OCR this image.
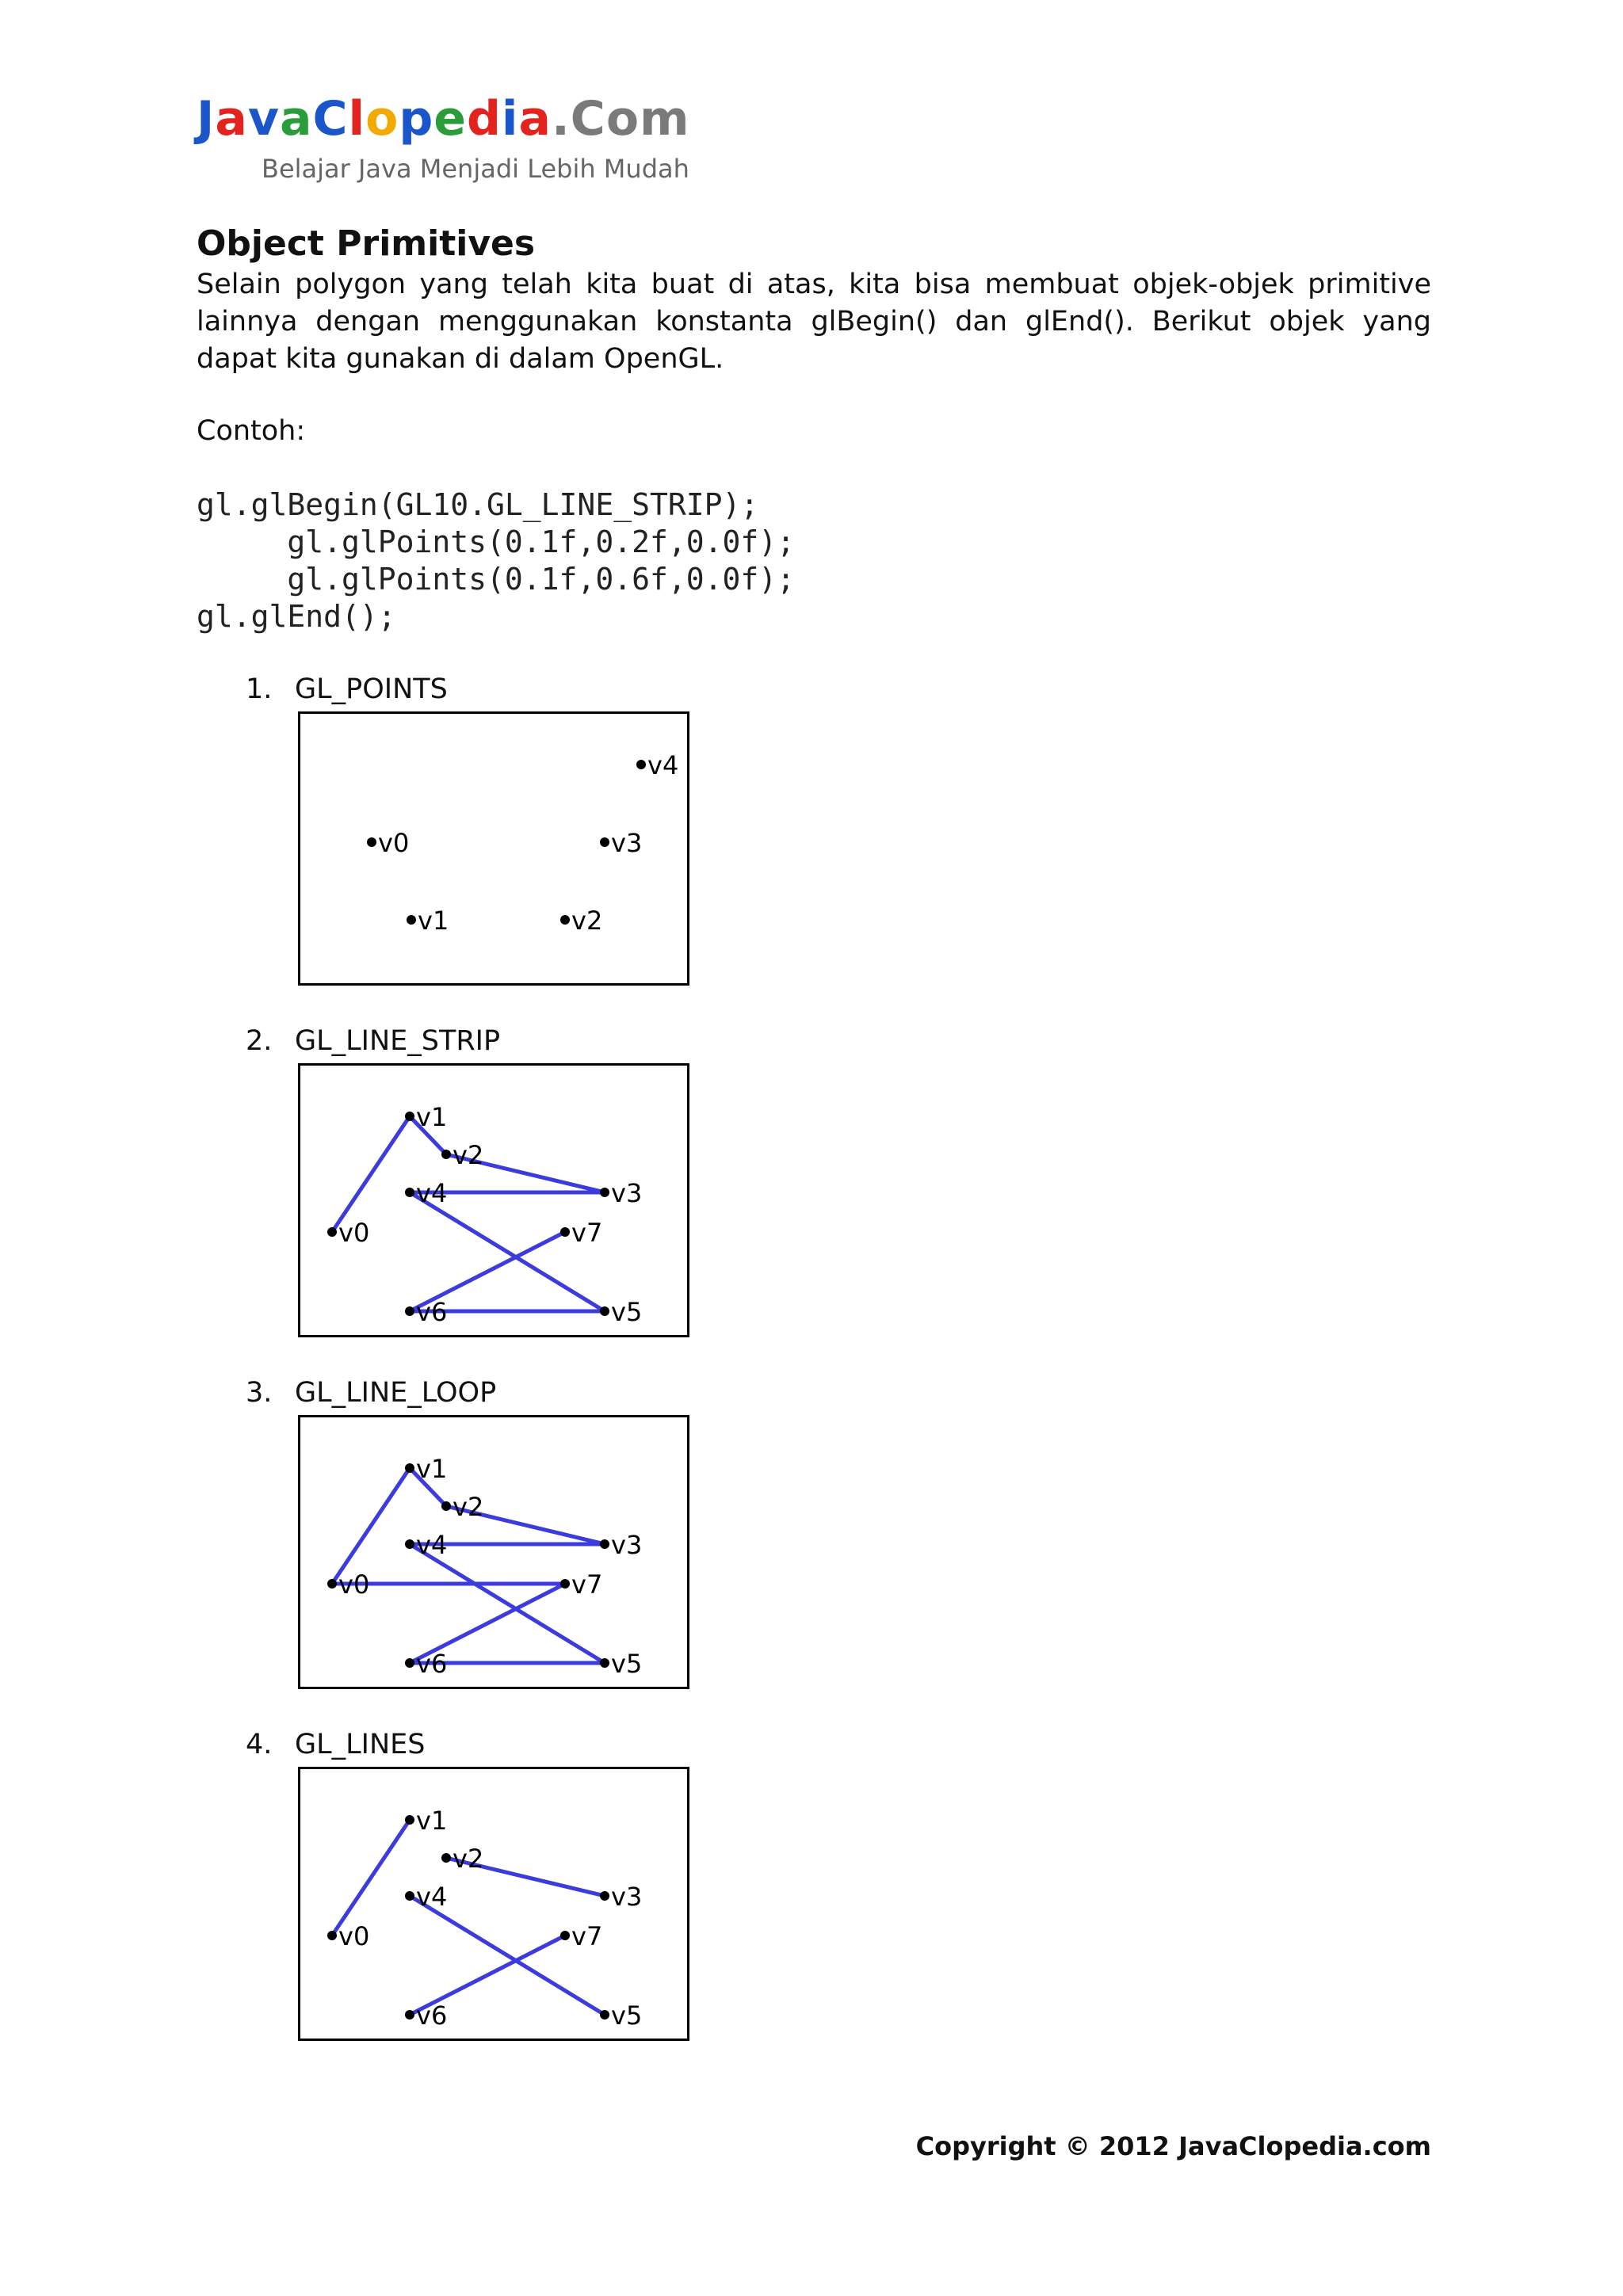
JavaClopedia.Com
Belajar Java Menjadi Lebih Mudah
Object Primitives

Selain polygon yang telah kita buat di atas, kita bisa membuat objek-objek primitive lainnya dengan menggunakan konstanta glBegin() dan glEnd(). Berikut objek yang dapat kita gunakan di dalam OpenGL.

Contoh:

gl.glBegin(GL10.GL_LINE_STRIP);
gl.glPoints(0.1f,0.2f,0.0f);
gl.glPoints(0.1f,0.6f,0.0f);
gl.glEnd();
1. GL_POINTS
v0
v1	v2
v3
v4
2. GL_LINE_STRIP
v0
v1
v2
v3
v4
v5
v6
v7
3. GL_LINE_LOOP
v0
v1
v2
v3
v4
v5
v6
v7
4. GL_LINES
v0
v1
v2
v3
v4
v5
v6
v7
Copyright © 2012 JavaClopedia.com
